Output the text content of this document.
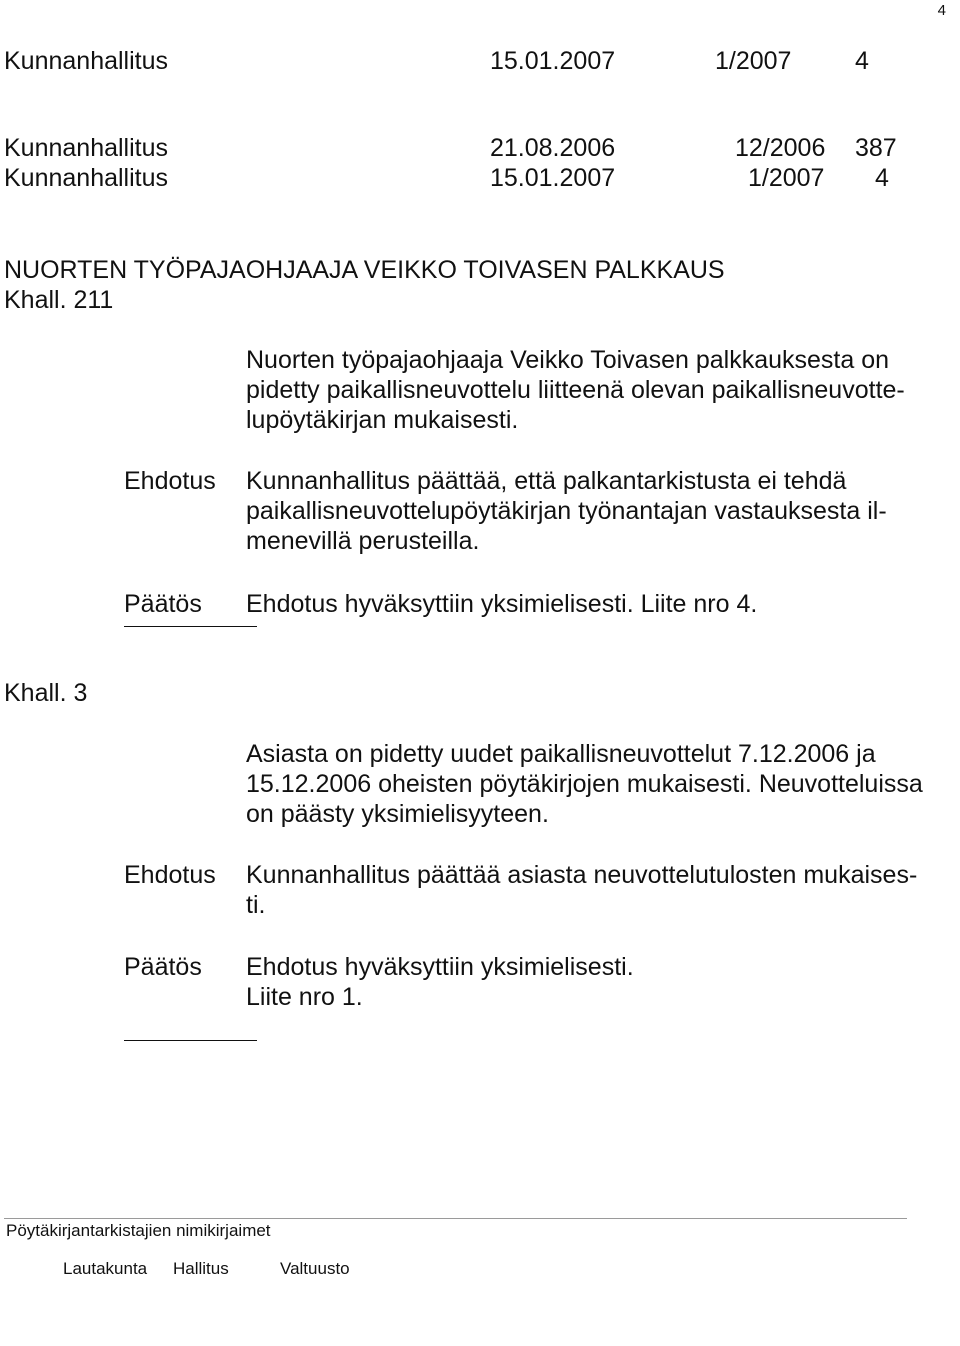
4
Kunnanhallitus	15.01.2007	1/2007	4
Kunnanhallitus	21.08.2006	12/2006 387
Kunnanhallitus	15.01.2007	1/2007 4
NUORTEN TYÖPAJAOHJAAJA VEIKKO TOIVASEN PALKKAUS
Khall. 211
Nuorten työpajaohjaaja Veikko Toivasen palkkauksesta on
pidetty paikallisneuvottelu liitteenä olevan paikallisneuvotte-
lupöytäkirjan mukaisesti.
Ehdotus Kunnanhallitus päättää, että palkantarkistusta ei tehdä
paikallisneuvottelupöytäkirjan työnantajan vastauksesta il-
menevillä perusteilla.
Päätös Ehdotus hyväksyttiin yksimielisesti. Liite nro 4.
Khall. 3
Asiasta on pidetty uudet paikallisneuvottelut 7.12.2006 ja
15.12.2006 oheisten pöytäkirjojen mukaisesti. Neuvotteluissa
on päästy yksimielisyyteen.
Ehdotus Kunnanhallitus päättää asiasta neuvottelutulosten mukaises-
ti.
Päätös Ehdotus hyväksyttiin yksimielisesti.
Liite nro 1.
Pöytäkirjantarkistajien nimikirjaimet
Lautakunta Hallitus	Valtuusto
